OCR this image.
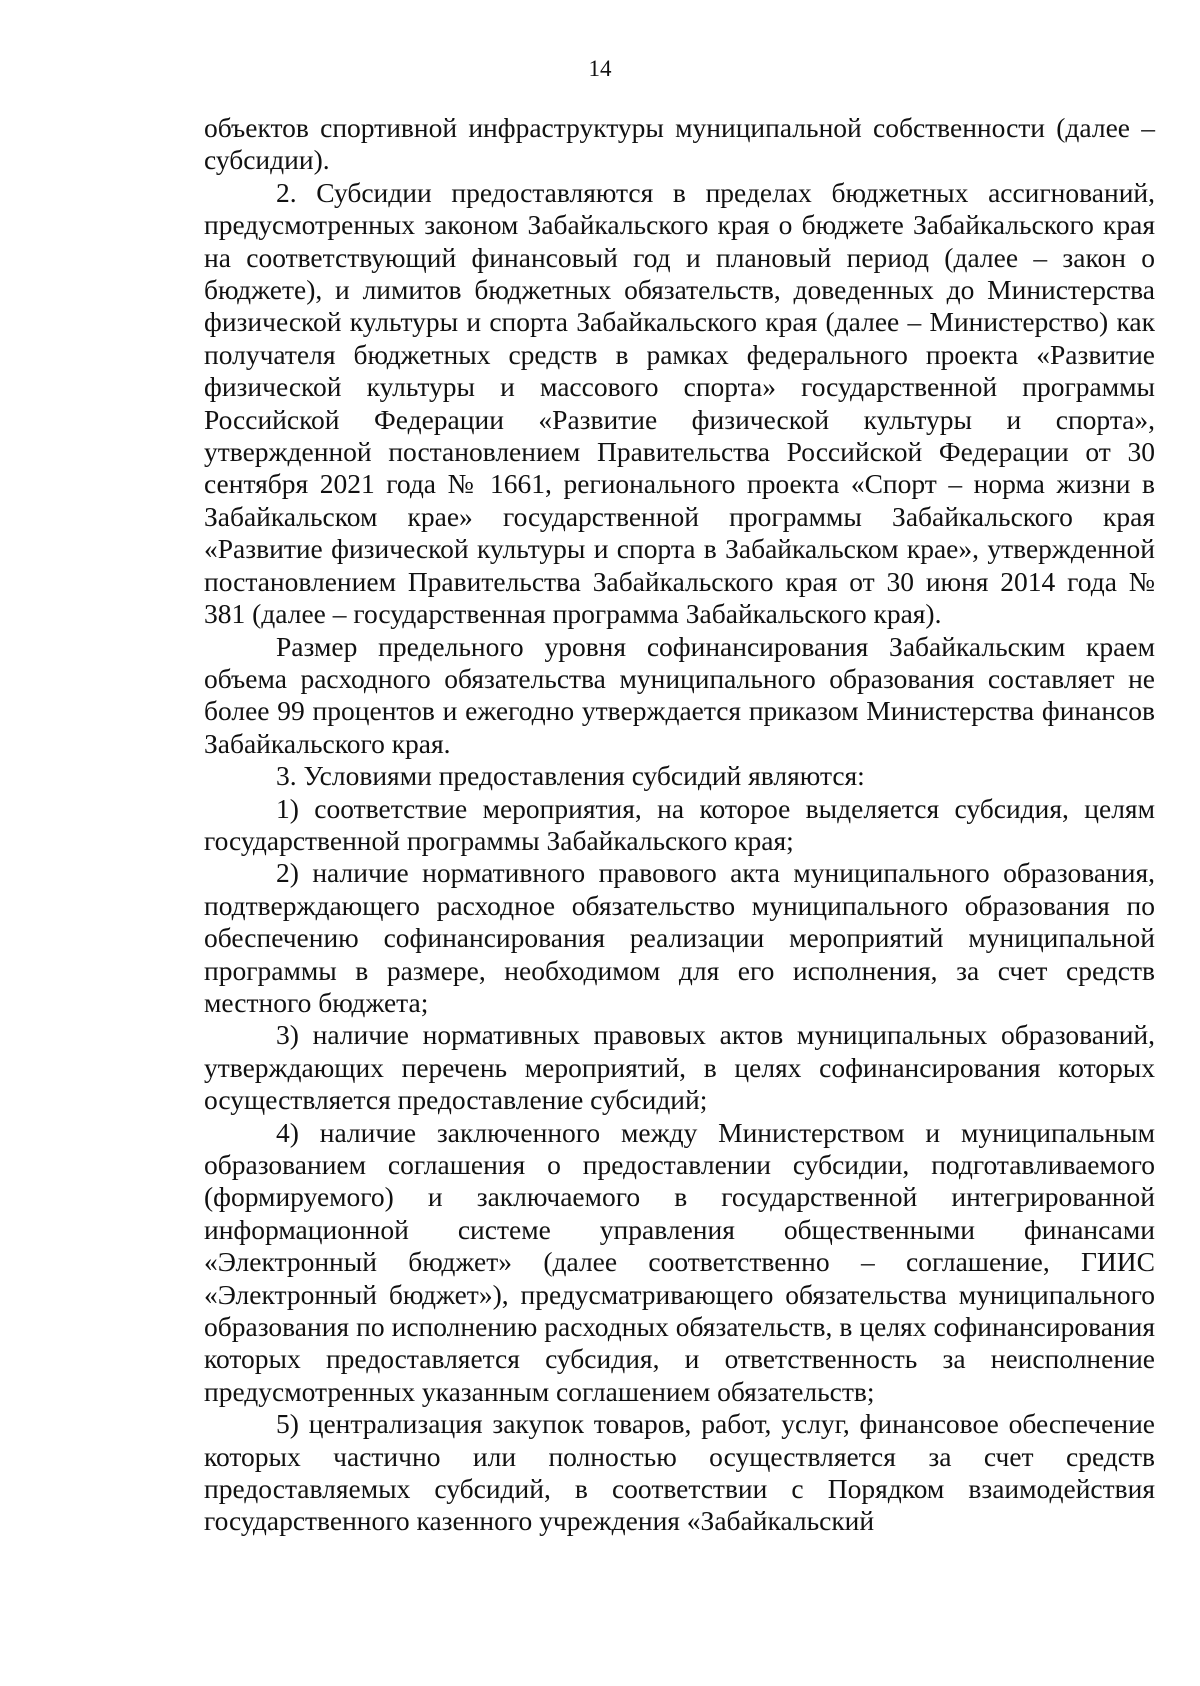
14

объектов спортивной инфраструктуры муниципальной собственности (далее – субсидии).

2. Субсидии предоставляются в пределах бюджетных ассигнований, предусмотренных законом Забайкальского края о бюджете Забайкальского края на соответствующий финансовый год и плановый период (далее – закон о бюджете), и лимитов бюджетных обязательств, доведенных до Министерства физической культуры и спорта Забайкальского края (далее – Министерство) как получателя бюджетных средств в рамках федерального проекта «Развитие физической культуры и массового спорта» государственной программы Российской Федерации «Развитие физической культуры и спорта», утвержденной постановлением Правительства Российской Федерации от 30 сентября 2021 года № 1661, регионального проекта «Спорт – норма жизни в Забайкальском крае» государственной программы Забайкальского края «Развитие физической культуры и спорта в Забайкальском крае», утвержденной постановлением Правительства Забайкальского края от 30 июня 2014 года № 381 (далее – государственная программа Забайкальского края).

Размер предельного уровня софинансирования Забайкальским краем объема расходного обязательства муниципального образования составляет не более 99 процентов и ежегодно утверждается приказом Министерства финансов Забайкальского края.

3. Условиями предоставления субсидий являются:

1) соответствие мероприятия, на которое выделяется субсидия, целям государственной программы Забайкальского края;

2) наличие нормативного правового акта муниципального образования, подтверждающего расходное обязательство муниципального образования по обеспечению софинансирования реализации мероприятий муниципальной программы в размере, необходимом для его исполнения, за счет средств местного бюджета;

3) наличие нормативных правовых актов муниципальных образований, утверждающих перечень мероприятий, в целях софинансирования которых осуществляется предоставление субсидий;

4) наличие заключенного между Министерством и муниципальным образованием соглашения о предоставлении субсидии, подготавливаемого (формируемого) и заключаемого в государственной интегрированной информационной системе управления общественными финансами «Электронный бюджет» (далее соответственно – соглашение, ГИИС «Электронный бюджет»), предусматривающего обязательства муниципального образования по исполнению расходных обязательств, в целях софинансирования которых предоставляется субсидия, и ответственность за неисполнение предусмотренных указанным соглашением обязательств;

5) централизация закупок товаров, работ, услуг, финансовое обеспечение которых частично или полностью осуществляется за счет средств предоставляемых субсидий, в соответствии с Порядком взаимодействия государственного казенного учреждения «Забайкальский
